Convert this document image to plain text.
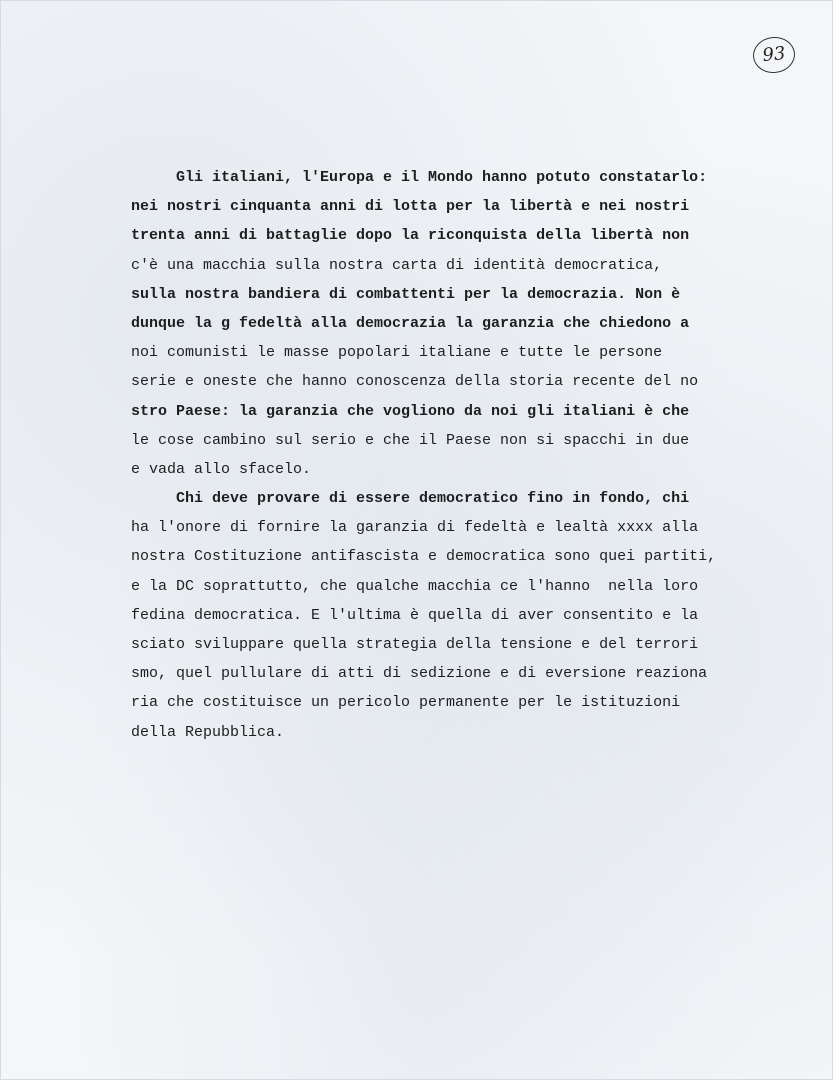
93
Gli italiani, l'Europa e il Mondo hanno potuto constatarlo:
nei nostri cinquanta anni di lotta per la libertà e nei nostri
trenta anni di battaglie dopo la riconquista della libertà non
c'è una macchia sulla nostra carta di identità democratica,
sulla nostra bandiera di combattenti per la democrazia. Non è
dunque la g fedeltà alla democrazia la garanzia che chiedono a
noi comunisti le masse popolari italiane e tutte le persone
serie e oneste che hanno conoscenza della storia recente del no
stro Paese: la garanzia che vogliono da noi gli italiani è che
le cose cambino sul serio e che il Paese non si spacchi in due
e vada allo sfacelo.
Chi deve provare di essere democratico fino in fondo, chi
ha l'onore di fornire la garanzia di fedeltà e lealtà xxxx alla
nostra Costituzione antifascista e democratica sono quei partiti,
e la DC soprattutto, che qualche macchia ce l'hanno  nella loro
fedina democratica. E l'ultima è quella di aver consentito e la
sciato sviluppare quella strategia della tensione e del terrori
smo, quel pullulare di atti di sedizione e di eversione reaziona
ria che costituisce un pericolo permanente per le istituzioni
della Repubblica.
